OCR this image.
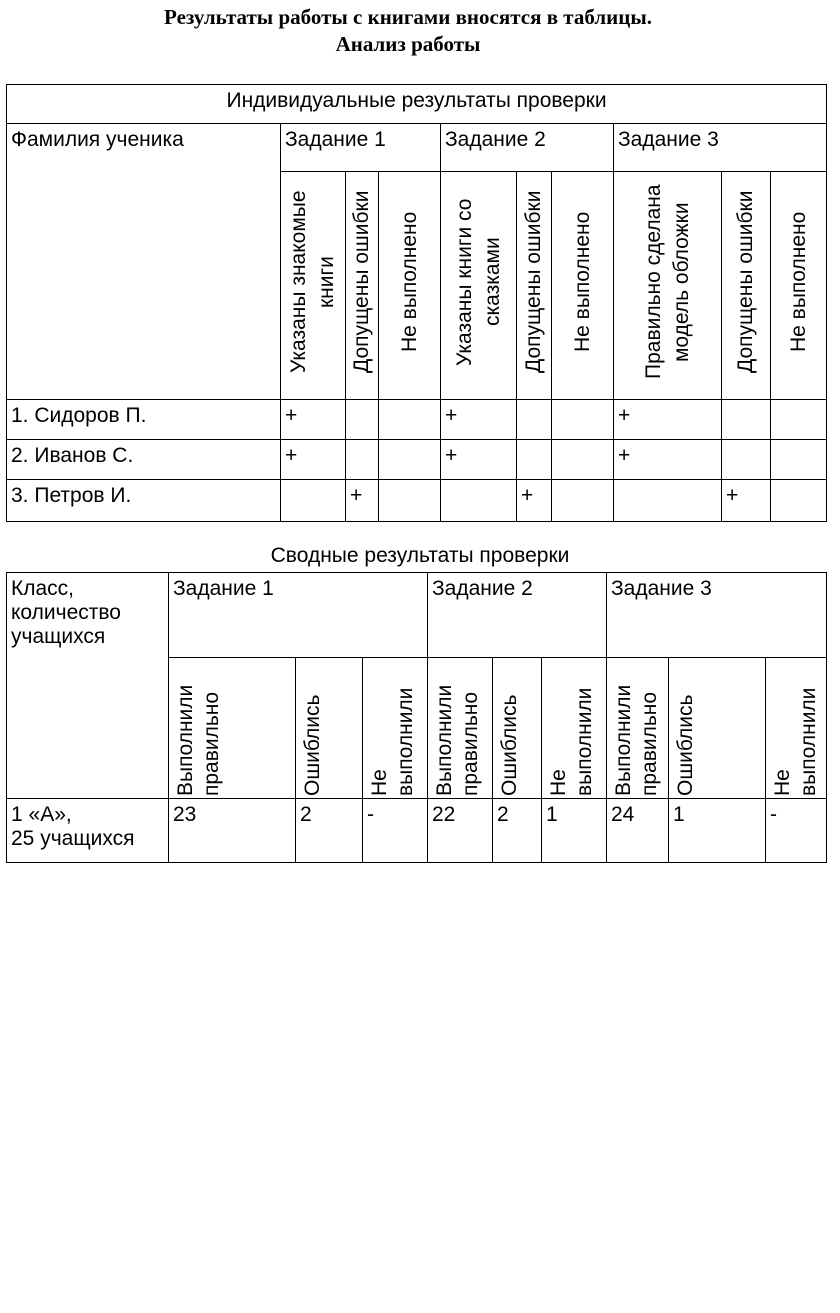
Результаты работы с книгами вносятся в таблицы.
Анализ работы
Индивидуальные результаты проверки									
Фамилия ученика	Задание 1			Задание 2			Задание 3		

	Указаны знакомые книги	Допущены ошибки	Не выполнено	Указаны книги со сказками	Допущены ошибки	Не выполнено	Правильно сделана модель обложки	Допущены ошибки	Не выполнено

1. Сидоров П.	+			+			+		
2. Иванов С.	+			+			+		
3. Петров И.		+			+			+	
Сводные результаты проверки
Класс, количество учащихся	Задание 1			Задание 2			Задание 3		

	Выполнили правильно	Ошиблись	Не выполнили	Выполнили правильно	Ошиблись	Не выполнили	Выполнили правильно	Ошиблись	Не выполнили

1 «А»,
25 учащихся	23	2	-	22	2	1	24	1	-
